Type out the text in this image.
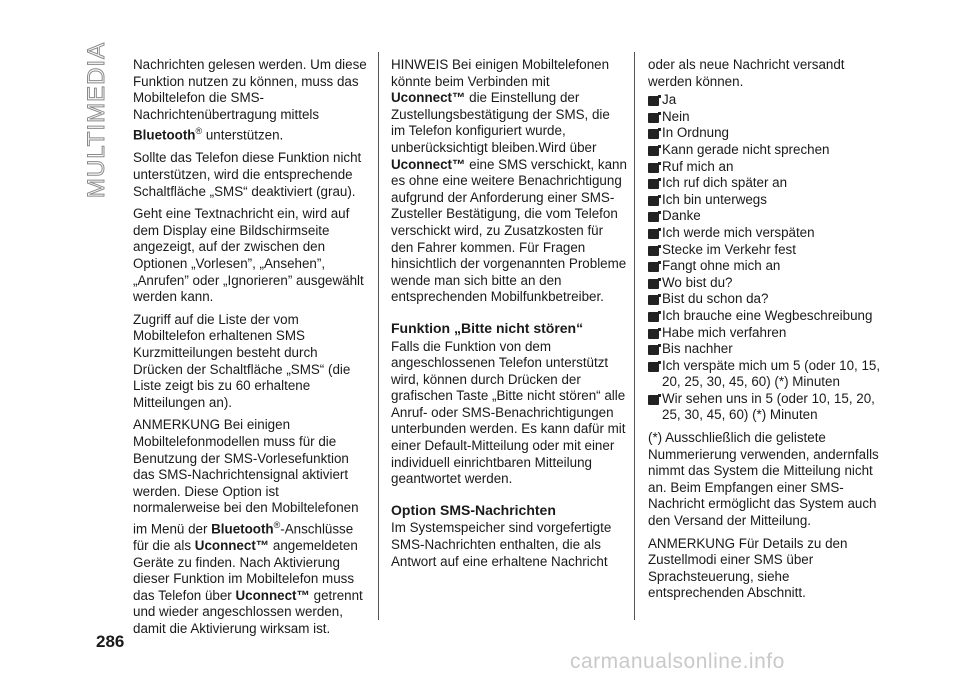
MULTIMEDIA Nachrichten gelesen werden. Um diese Funktion nutzen zu können, muss das Mobiltelefon die SMS-Nachrichtenübertragung mittels Bluetooth® unterstützen.

Sollte das Telefon diese Funktion nicht unterstützen, wird die entsprechende Schaltfläche „SMS“ deaktiviert (grau).

Geht eine Textnachricht ein, wird auf dem Display eine Bildschirmseite angezeigt, auf der zwischen den Optionen „Vorlesen”, „Ansehen”, „Anrufen” oder „Ignorieren” ausgewählt werden kann.

Zugriff auf die Liste der vom Mobiltelefon erhaltenen SMS Kurzmitteilungen besteht durch Drücken der Schaltfläche „SMS“ (die Liste zeigt bis zu 60 erhaltene Mitteilungen an).

ANMERKUNG Bei einigen Mobiltelefonmodellen muss für die Benutzung der SMS-Vorlesefunktion das SMS-Nachrichtensignal aktiviert werden. Diese Option ist normalerweise bei den Mobiltelefonen im Menü der Bluetooth®-Anschlüsse für die als Uconnect™ angemeldeten Geräte zu finden. Nach Aktivierung dieser Funktion im Mobiltelefon muss das Telefon über Uconnect™ getrennt und wieder angeschlossen werden, damit die Aktivierung wirksam ist.

HINWEIS Bei einigen Mobiltelefonen könnte beim Verbinden mit Uconnect™ die Einstellung der Zustellungsbestätigung der SMS, die im Telefon konfiguriert wurde, unberücksichtigt bleiben.Wird über Uconnect™ eine SMS verschickt, kann es ohne eine weitere Benachrichtigung aufgrund der Anforderung einer SMS-Zusteller Bestätigung, die vom Telefon verschickt wird, zu Zusatzkosten für den Fahrer kommen. Für Fragen hinsichtlich der vorgenannten Probleme wende man sich bitte an den entsprechenden Mobilfunkbetreiber.

Funktion „Bitte nicht stören“

Falls die Funktion von dem angeschlossenen Telefon unterstützt wird, können durch Drücken der grafischen Taste „Bitte nicht stören“ alle Anruf- oder SMS-Benachrichtigungen unterbunden werden. Es kann dafür mit einer Default-Mitteilung oder mit einer individuell einrichtbaren Mitteilung geantwortet werden.

Option SMS-Nachrichten

Im Systemspeicher sind vorgefertigte SMS-Nachrichten enthalten, die als Antwort auf eine erhaltene Nachricht

oder als neue Nachricht versandt werden können.

Ja
Nein
In Ordnung
Kann gerade nicht sprechen
Ruf mich an
Ich ruf dich später an
Ich bin unterwegs
Danke
Ich werde mich verspäten
Stecke im Verkehr fest
Fangt ohne mich an
Wo bist du?
Bist du schon da?
Ich brauche eine Wegbeschreibung
Habe mich verfahren
Bis nachher
Ich verspäte mich um 5 (oder 10, 15, 20, 25, 30, 45, 60) (*) Minuten
Wir sehen uns in 5 (oder 10, 15, 20, 25, 30, 45, 60) (*) Minuten

(*) Ausschließlich die gelistete Nummerierung verwenden, andernfalls nimmt das System die Mitteilung nicht an. Beim Empfangen einer SMS-Nachricht ermöglicht das System auch den Versand der Mitteilung.

ANMERKUNG Für Details zu den Zustellmodi einer SMS über Sprachsteuerung, siehe entsprechenden Abschnitt.

286
carmanualsonline.info
